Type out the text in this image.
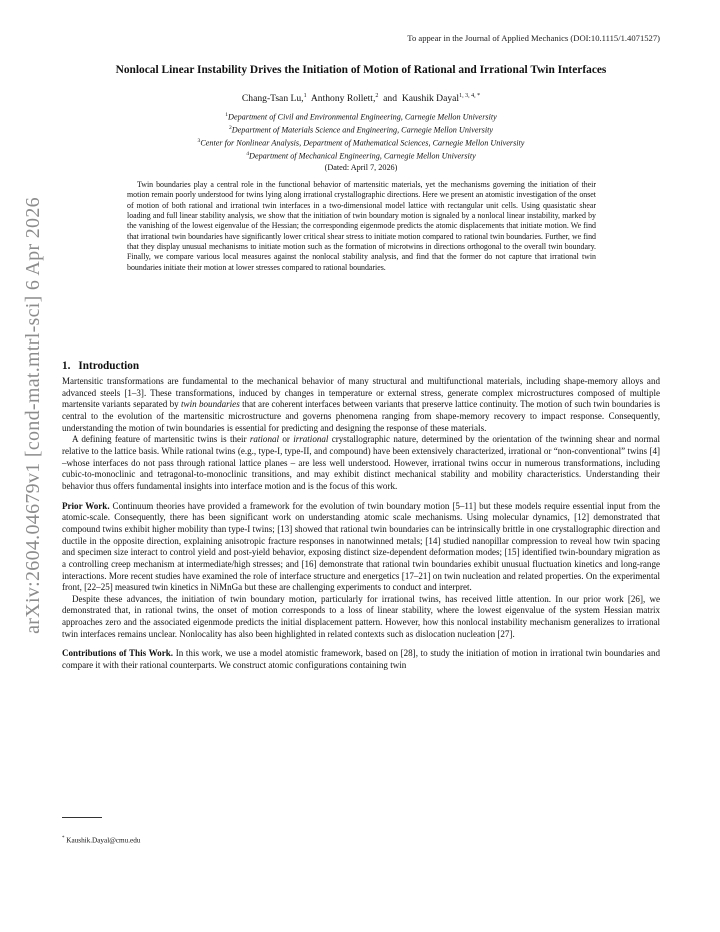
arXiv:2604.04679v1 [cond-mat.mtrl-sci] 6 Apr 2026
To appear in the Journal of Applied Mechanics (DOI:10.1115/1.4071527)
Nonlocal Linear Instability Drives the Initiation of Motion of Rational and Irrational Twin Interfaces
Chang-Tsan Lu,$^1$ Anthony Rollett,$^2$ and Kaushik Dayal$^{1, 3, 4, *}$
$^1$Department of Civil and Environmental Engineering, Carnegie Mellon University
$^2$Department of Materials Science and Engineering, Carnegie Mellon University
$^3$Center for Nonlinear Analysis, Department of Mathematical Sciences, Carnegie Mellon University
$^4$Department of Mechanical Engineering, Carnegie Mellon University
(Dated: April 7, 2026)

Twin boundaries play a central role in the functional behavior of martensitic materials, yet the mechanisms governing the initiation of their motion remain poorly understood for twins lying along irrational crystallographic directions. Here we present an atomistic investigation of the onset of motion of both rational and irrational twin interfaces in a two-dimensional model lattice with rectangular unit cells. Using quasistatic shear loading and full linear stability analysis, we show that the initiation of twin boundary motion is signaled by a nonlocal linear instability, marked by the vanishing of the lowest eigenvalue of the Hessian; the corresponding eigenmode predicts the atomic displacements that initiate motion. We find that irrational twin boundaries have significantly lower critical shear stress to initiate motion compared to rational twin boundaries. Further, we find that they display unusual mechanisms to initiate motion such as the formation of microtwins in directions orthogonal to the overall twin boundary. Finally, we compare various local measures against the nonlocal stability analysis, and find that the former do not capture that irrational twin boundaries initiate their motion at lower stresses compared to rational boundaries.

1. Introduction

Martensitic transformations are fundamental to the mechanical behavior of many structural and multifunctional materials, including shape-memory alloys and advanced steels [1–3]. These transformations, induced by changes in temperature or external stress, generate complex microstructures composed of multiple martensite variants separated by twin boundaries that are coherent interfaces between variants that preserve lattice continuity. The motion of such twin boundaries is central to the evolution of the martensitic microstructure and governs phenomena ranging from shape-memory recovery to impact response. Consequently, understanding the motion of twin boundaries is essential for predicting and designing the response of these materials.

A defining feature of martensitic twins is their rational or irrational crystallographic nature, determined by the orientation of the twinning shear and normal relative to the lattice basis. While rational twins (e.g., type-I, type-II, and compound) have been extensively characterized, irrational or “non-conventional” twins [4] –whose interfaces do not pass through rational lattice planes – are less well understood. However, irrational twins occur in numerous transformations, including cubic-to-monoclinic and tetragonal-to-monoclinic transitions, and may exhibit distinct mechanical stability and mobility characteristics. Understanding their behavior thus offers fundamental insights into interface motion and is the focus of this work.

Prior Work. Continuum theories have provided a framework for the evolution of twin boundary motion [5–11] but these models require essential input from the atomic-scale. Consequently, there has been significant work on understanding atomic scale mechanisms. Using molecular dynamics, [12] demonstrated that compound twins exhibit higher mobility than type-I twins; [13] showed that rational twin boundaries can be intrinsically brittle in one crystallographic direction and ductile in the opposite direction, explaining anisotropic fracture responses in nanotwinned metals; [14] studied nanopillar compression to reveal how twin spacing and specimen size interact to control yield and post-yield behavior, exposing distinct size-dependent deformation modes; [15] identified twin-boundary migration as a controlling creep mechanism at intermediate/high stresses; and [16] demonstrate that rational twin boundaries exhibit unusual fluctuation kinetics and long-range interactions. More recent studies have examined the role of interface structure and energetics [17–21] on twin nucleation and related properties. On the experimental front, [22–25] measured twin kinetics in NiMnGa but these are challenging experiments to conduct and interpret.

Despite these advances, the initiation of twin boundary motion, particularly for irrational twins, has received little attention. In our prior work [26], we demonstrated that, in rational twins, the onset of motion corresponds to a loss of linear stability, where the lowest eigenvalue of the system Hessian matrix approaches zero and the associated eigenmode predicts the initial displacement pattern. However, how this nonlocal instability mechanism generalizes to irrational twin interfaces remains unclear. Nonlocality has also been highlighted in related contexts such as dislocation nucleation [27].

Contributions of This Work. In this work, we use a model atomistic framework, based on [28], to study the initiation of motion in irrational twin boundaries and compare it with their rational counterparts. We construct atomic configurations containing twin

* Kaushik.Dayal@cmu.edu
